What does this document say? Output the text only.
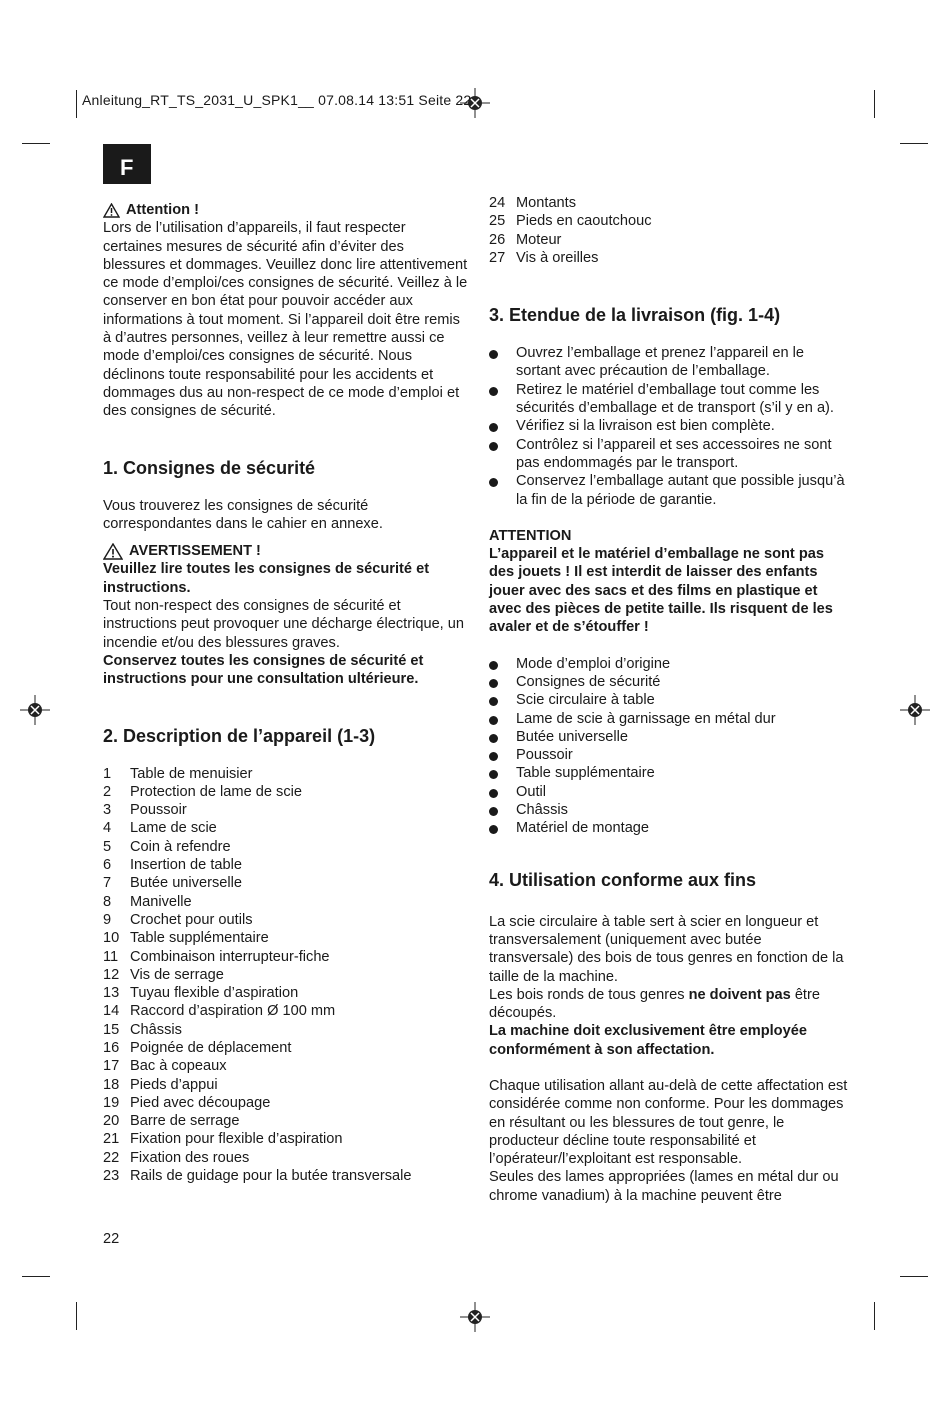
Anleitung_RT_TS_2031_U_SPK1__ 07.08.14 13:51 Seite 22
F
Attention !

Lors de l’utilisation d’appareils, il faut respecter certaines mesures de sécurité afin d’éviter des blessures et dommages. Veuillez donc lire attentivement ce mode d’emploi/ces consignes de sécurité. Veillez à le conserver en bon état pour pouvoir accéder aux informations à tout moment. Si l’appareil doit être remis à d’autres personnes, veillez à leur remettre aussi ce mode d’emploi/ces consignes de sécurité. Nous déclinons toute responsabilité pour les accidents et dommages dus au non-respect de ce mode d’emploi et des consignes de sécurité.

1. Consignes de sécurité

Vous trouverez les consignes de sécurité correspondantes dans le cahier en annexe.

AVERTISSEMENT !

Veuillez lire toutes les consignes de sécurité et instructions.

Tout non-respect des consignes de sécurité et instructions peut provoquer une décharge électrique, un incendie et/ou des blessures graves.

Conservez toutes les consignes de sécurité et instructions pour une consultation ultérieure.

2. Description de l’appareil (1-3)
1	Table de menuisier
2	Protection de lame de scie
3	Poussoir
4	Lame de scie
5	Coin à refendre
6	Insertion de table
7	Butée universelle
8	Manivelle
9	Crochet pour outils
10 Table supplémentaire
11 Combinaison interrupteur-fiche
12 Vis de serrage
13 Tuyau flexible d’aspiration
14 Raccord d’aspiration Ø 100 mm
15 Châssis
16 Poignée de déplacement
17 Bac à copeaux
18 Pieds d’appui
19 Pied avec découpage
20 Barre de serrage
21 Fixation pour flexible d’aspiration
22 Fixation des roues
23 Rails de guidage pour la butée transversale
24 Montants
25 Pieds en caoutchouc
26 Moteur
27 Vis à oreilles
3. Etendue de la livraison (fig. 1-4)
Ouvrez l’emballage et prenez l’appareil en le sortant avec précaution de l’emballage.
Retirez le matériel d’emballage tout comme les sécurités d’emballage et de transport (s’il y en a).
Vérifiez si la livraison est bien complète.
Contrôlez si l’appareil et ses accessoires ne sont pas endommagés par le transport.
Conservez l’emballage autant que possible jusqu’à la fin de la période de garantie.

ATTENTION

L’appareil et le matériel d’emballage ne sont pas des jouets ! Il est interdit de laisser des enfants jouer avec des sacs et des films en plastique et avec des pièces de petite taille. Ils risquent de les avaler et de s’étouffer !

Mode d’emploi d’origine
Consignes de sécurité
Scie circulaire à table
Lame de scie à garnissage en métal dur
Butée universelle
Poussoir
Table supplémentaire
Outil
Châssis
Matériel de montage
4. Utilisation conforme aux fins

La scie circulaire à table sert à scier en longueur et transversalement (uniquement avec butée transversale) des bois de tous genres en fonction de la taille de la machine.

Les bois ronds de tous genres ne doivent pas être découpés.

La machine doit exclusivement être employée conformément à son affectation.

Chaque utilisation allant au-delà de cette affectation est considérée comme non conforme. Pour les dommages en résultant ou les blessures de tout genre, le producteur décline toute responsabilité et l’opérateur/l’exploitant est responsable.

Seules des lames appropriées (lames en métal dur ou chrome vanadium) à la machine peuvent être

22
